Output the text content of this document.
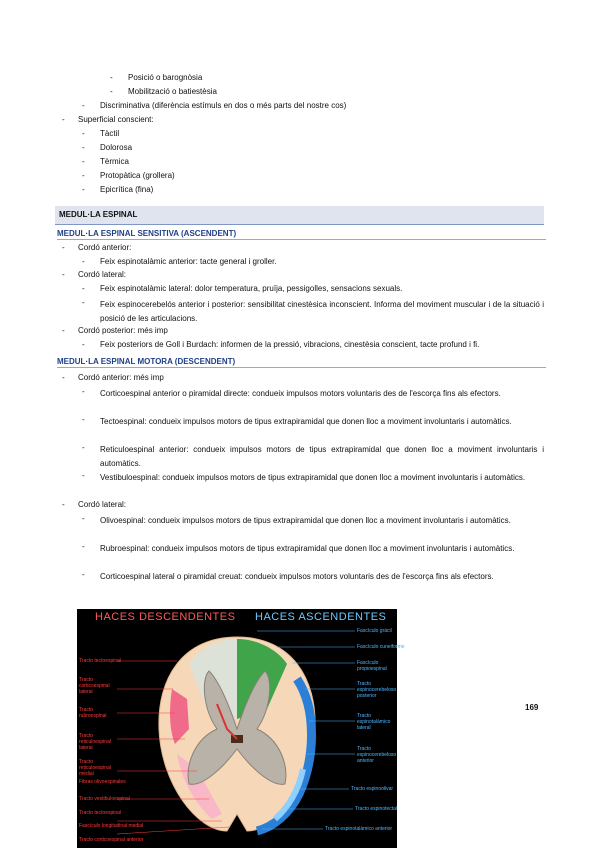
- Posició o barognòsia
- Mobilització o batiestèsia
- Discriminativa (diferència estímuls en dos o més parts del nostre cos)
- Superficial conscient:
- Tàctil
- Dolorosa
- Tèrmica
- Protopàtica (grollera)
- Epicrítica (fina)
MEDUL·LA ESPINAL
MEDUL·LA ESPINAL SENSITIVA (ASCENDENT)
- Cordó anterior:
- Feix espinotalàmic anterior: tacte general i groller.
- Cordó lateral:
- Feix espinotalàmic lateral: dolor temperatura, pruïja, pessigolles, sensacions sexuals.
- Feix espinocerebelós anterior i posterior: sensibilitat cinestèsica inconscient. Informa del moviment muscular i de la situació i posició de les articulacions.
- Cordó posterior: més imp
- Feix posteriors de Goll i Burdach: informen de la pressió, vibracions, cinestèsia conscient, tacte profund i fi.
MEDUL·LA ESPINAL MOTORA (DESCENDENT)
- Cordó anterior: més imp
- Corticoespinal anterior o piramidal directe: condueix impulsos motors voluntaris des de l'escorça fins als efectors.
- Tectoespinal: condueix impulsos motors de tipus extrapiramidal que donen lloc a moviment involuntaris i automàtics.
- Reticuloespinal anterior: condueix impulsos motors de tipus extrapiramidal que donen lloc a moviment involuntaris i automàtics.
- Vestibuloespinal: condueix impulsos motors de tipus extrapiramidal que donen lloc a moviment involuntaris i automàtics.
- Cordó lateral:
- Olivoespinal: condueix impulsos motors de tipus extrapiramidal que donen lloc a moviment involuntaris i automàtics.
- Rubroespinal: condueix impulsos motors de tipus extrapiramidal que donen lloc a moviment involuntaris i automàtics.
- Corticoespinal lateral o piramidal creuat: condueix impulsos motors voluntaris des de l'escorça fins als efectors.
HACES DESCENDENTES HACES ASCENDENTES
Tracto tectoespinal
Tracto corticoespinal lateral
Tracto rubroespinal
Tracto reticuloespinal lateral
Tracto reticuloespinal medial
Fibras olivoespinales
Tracto vestibuloespinal
Tracto tectoespinal
Fascículo longitudinal medial
Tracto corticoespinal anterior
Fascículo grácil
Fascículo cuneiforme
Fascículo propioespinal
Tracto espinocerebeloso posterior
Tracto espinotalámico lateral
Tracto espinocerebeloso anterior
Tracto espinoolivar
Tracto espinotectal
Tracto espinotalámico anterior
169
